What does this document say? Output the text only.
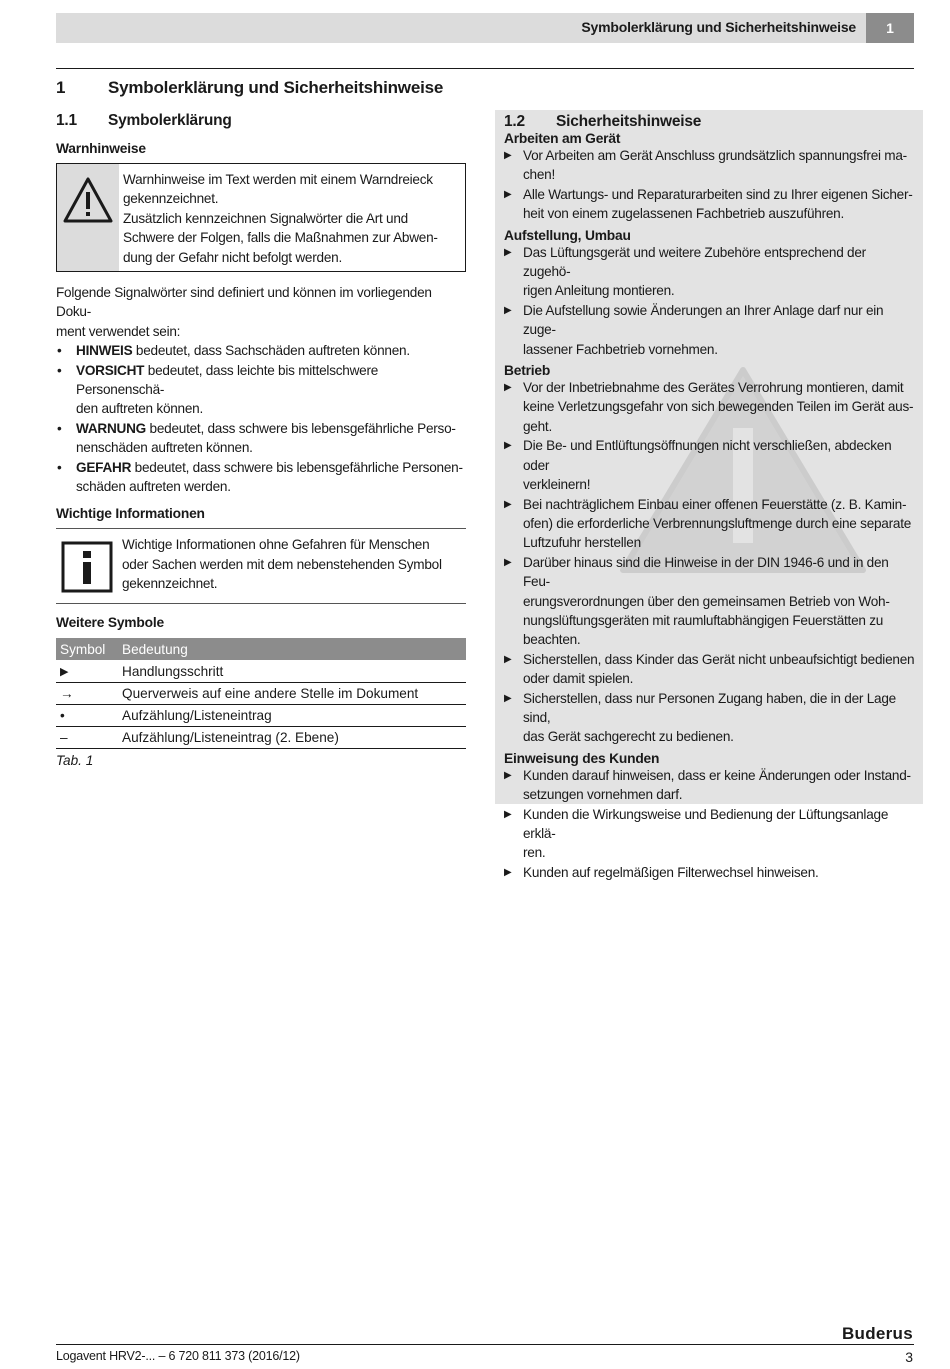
Symbolerklärung und Sicherheitshinweise	1
1	Symbolerklärung und Sicherheitshinweise
1.1 Symbolerklärung
Warnhinweise

Warnhinweise im Text werden mit einem Warndreieck

gekennzeichnet.

Zusätzlich kennzeichnen Signalwörter die Art und

Schwere der Folgen, falls die Maßnahmen zur Abwen-

dung der Gefahr nicht befolgt werden.

Folgende Signalwörter sind definiert und können im vorliegenden Doku-

ment verwendet sein:

• HINWEIS bedeutet, dass Sachschäden auftreten können.
• VORSICHT bedeutet, dass leichte bis mittelschwere Personenschä-
den auftreten können.
• WARNUNG bedeutet, dass schwere bis lebensgefährliche Perso-
nenschäden auftreten können.
• GEFAHR bedeutet, dass schwere bis lebensgefährliche Personen-
schäden auftreten werden.
Wichtige Informationen

Wichtige Informationen ohne Gefahren für Menschen

oder Sachen werden mit dem nebenstehenden Symbol

gekennzeichnet.

Weitere Symbole
Symbol	Bedeutung
▶	Handlungsschritt
→	Querverweis auf eine andere Stelle im Dokument
•	Aufzählung/Listeneintrag
–	Aufzählung/Listeneintrag (2. Ebene)
Tab. 1
1.2 Sicherheitshinweise
Arbeiten am Gerät
▶ Vor Arbeiten am Gerät Anschluss grundsätzlich spannungsfrei ma-
chen!
▶ Alle Wartungs- und Reparaturarbeiten sind zu Ihrer eigenen Sicher-
heit von einem zugelassenen Fachbetrieb auszuführen.
Aufstellung, Umbau
▶ Das Lüftungsgerät und weitere Zubehöre entsprechend der zugehö-
rigen Anleitung montieren.
▶ Die Aufstellung sowie Änderungen an Ihrer Anlage darf nur ein zuge-
lassener Fachbetrieb vornehmen.
Betrieb
▶ Vor der Inbetriebnahme des Gerätes Verrohrung montieren, damit
keine Verletzungsgefahr von sich bewegenden Teilen im Gerät aus-
geht.
▶ Die Be- und Entlüftungsöffnungen nicht verschließen, abdecken oder
verkleinern!
▶ Bei nachträglichem Einbau einer offenen Feuerstätte (z. B. Kamin-
ofen) die erforderliche Verbrennungsluftmenge durch eine separate
Luftzufuhr herstellen
▶ Darüber hinaus sind die Hinweise in der DIN 1946-6 und in den Feu-
erungsverordnungen über den gemeinsamen Betrieb von Woh-
nungslüftungsgeräten mit raumluftabhängigen Feuerstätten zu
beachten.
▶ Sicherstellen, dass Kinder das Gerät nicht unbeaufsichtigt bedienen
oder damit spielen.
▶ Sicherstellen, dass nur Personen Zugang haben, die in der Lage sind,
das Gerät sachgerecht zu bedienen.
Einweisung des Kunden
▶ Kunden darauf hinweisen, dass er keine Änderungen oder Instand-
setzungen vornehmen darf.
▶ Kunden die Wirkungsweise und Bedienung der Lüftungsanlage erklä-
ren.
▶ Kunden auf regelmäßigen Filterwechsel hinweisen.
Buderus
Logavent HRV2-... – 6 720 811 373 (2016/12)	3
